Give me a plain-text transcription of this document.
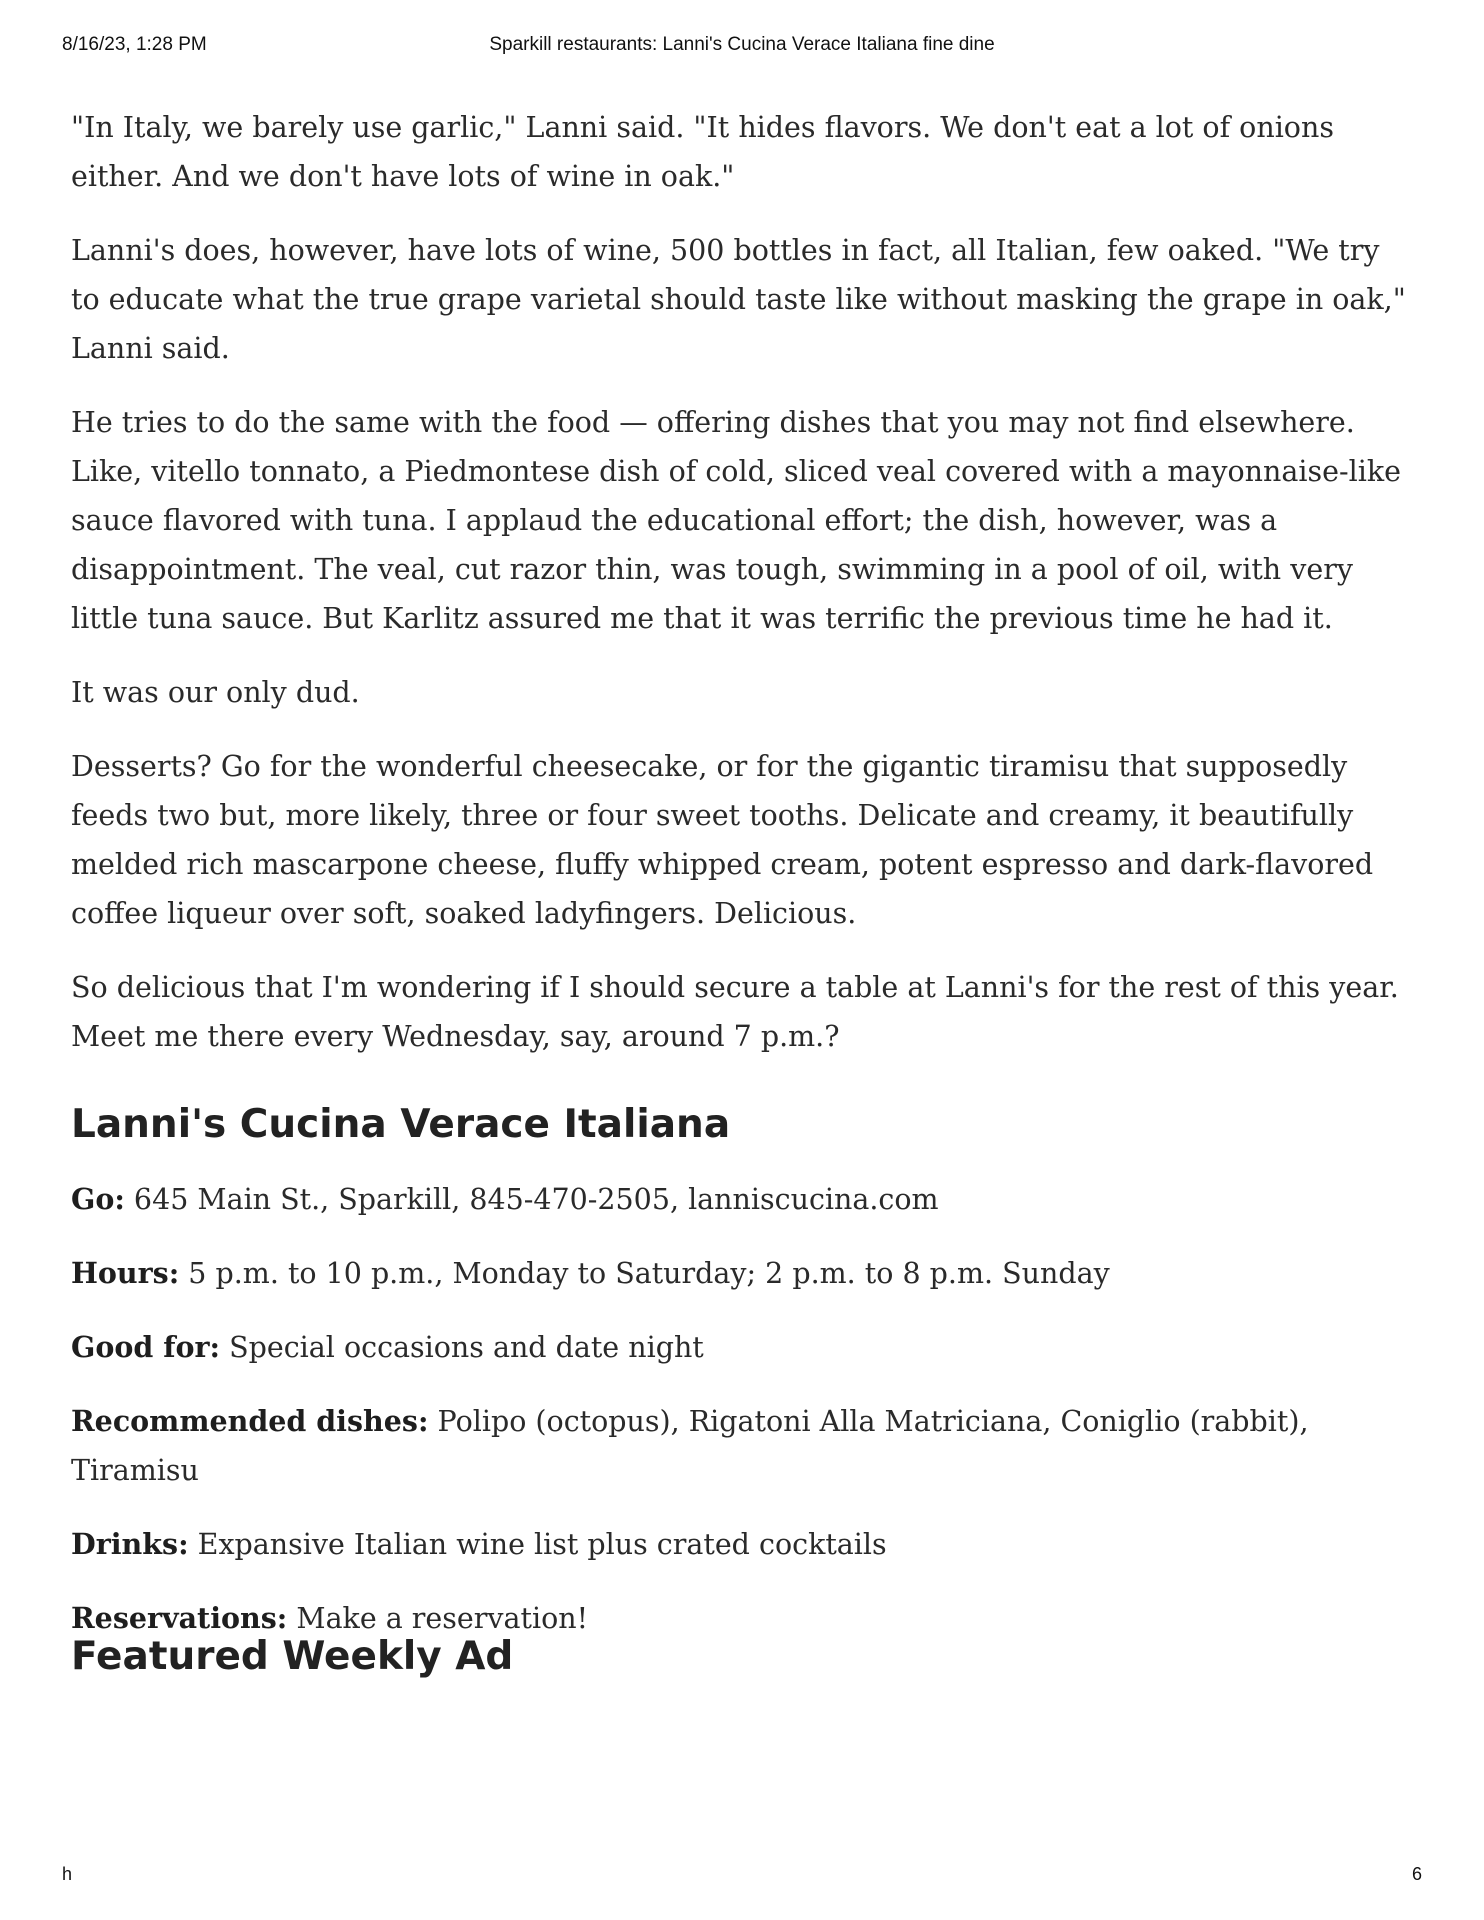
8/16/23, 1:28 PM	Sparkill restaurants: Lanni's Cucina Verace Italiana fine dine

"In Italy, we barely use garlic," Lanni said. "It hides flavors. We don't eat a lot of onions either. And we don't have lots of wine in oak."

Lanni's does, however, have lots of wine, 500 bottles in fact, all Italian, few oaked. "We try to educate what the true grape varietal should taste like without masking the grape in oak," Lanni said.

He tries to do the same with the food — offering dishes that you may not find elsewhere. Like, vitello tonnato, a Piedmontese dish of cold, sliced veal covered with a mayonnaise-like sauce flavored with tuna. I applaud the educational effort; the dish, however, was a disappointment. The veal, cut razor thin, was tough, swimming in a pool of oil, with very little tuna sauce. But Karlitz assured me that it was terrific the previous time he had it.

It was our only dud.

Desserts? Go for the wonderful cheesecake, or for the gigantic tiramisu that supposedly feeds two but, more likely, three or four sweet tooths. Delicate and creamy, it beautifully melded rich mascarpone cheese, fluffy whipped cream, potent espresso and dark-flavored coffee liqueur over soft, soaked ladyfingers. Delicious.

So delicious that I'm wondering if I should secure a table at Lanni's for the rest of this year. Meet me there every Wednesday, say, around 7 p.m.?

Lanni's Cucina Verace Italiana

Go: 645 Main St., Sparkill, 845-470-2505, lanniscucina.com

Hours: 5 p.m. to 10 p.m., Monday to Saturday; 2 p.m. to 8 p.m. Sunday

Good for: Special occasions and date night

Recommended dishes: Polipo (octopus), Rigatoni Alla Matriciana, Coniglio (rabbit), Tiramisu

Drinks: Expansive Italian wine list plus crated cocktails

Reservations: Make a reservation!

Featured Weekly Ad
h	6
